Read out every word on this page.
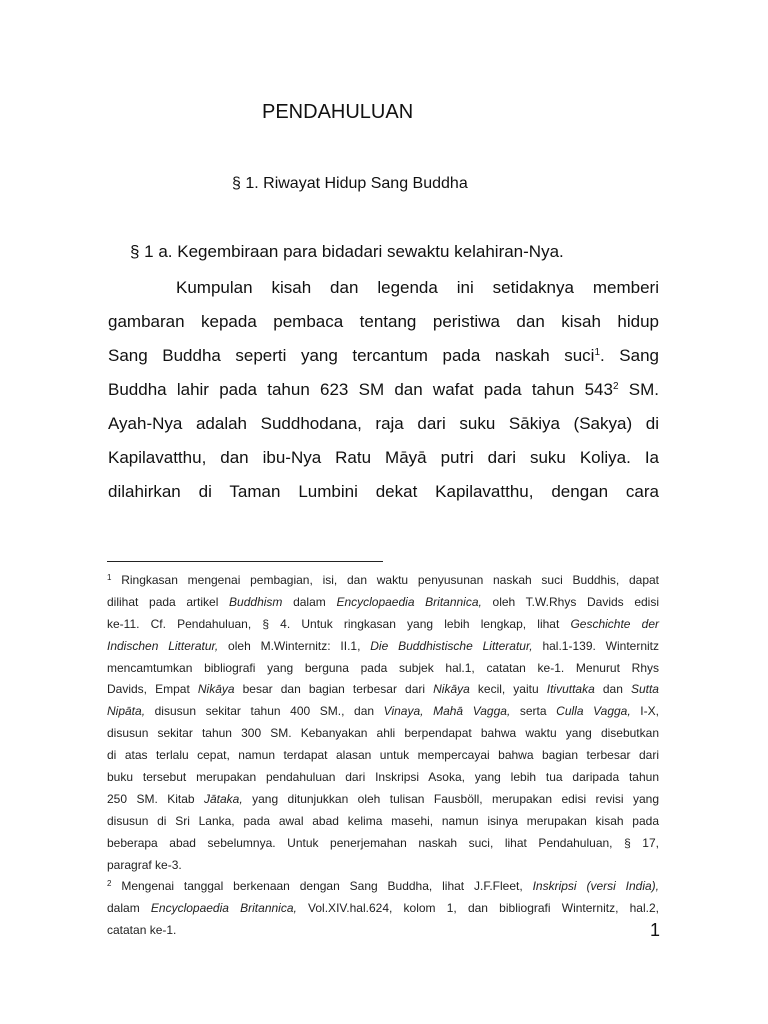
PENDAHULUAN
§ 1. Riwayat Hidup Sang Buddha
§ 1 a. Kegembiraan para bidadari sewaktu kelahiran-Nya.
Kumpulan kisah dan legenda ini setidaknya memberi
gambaran kepada pembaca tentang peristiwa dan kisah hidup
Sang Buddha seperti yang tercantum pada naskah suci$^1$. Sang
Buddha lahir pada tahun 623 SM dan wafat pada tahun $543^2$ SM.
Ayah-Nya adalah Suddhodana, raja dari suku Sākiya (Sakya) di
Kapilavatthu, dan ibu-Nya Ratu Māyā putri dari suku Koliya. Ia
dilahirkan di Taman Lumbini dekat Kapilavatthu, dengan cara
$^1$ Ringkasan mengenai pembagian, isi, dan waktu penyusunan naskah suci Buddhis, dapat
dilihat pada artikel Buddhism dalam Encyclopaedia Britannica, oleh T.W.Rhys Davids edisi
ke-11. Cf. Pendahuluan, § 4. Untuk ringkasan yang lebih lengkap, lihat Geschichte der
Indischen Litteratur, oleh M.Winternitz: II.1, Die Buddhistische Litteratur, hal.1-139. Winternitz
mencamtumkan bibliografi yang berguna pada subjek hal.1, catatan ke-1. Menurut Rhys
Davids, Empat Nikāya besar dan bagian terbesar dari Nikāya kecil, yaitu Itivuttaka dan Sutta
Nipāta, disusun sekitar tahun 400 SM., dan Vinaya, Mahā Vagga, serta Culla Vagga, I-X,
disusun sekitar tahun 300 SM. Kebanyakan ahli berpendapat bahwa waktu yang disebutkan
di atas terlalu cepat, namun terdapat alasan untuk mempercayai bahwa bagian terbesar dari
buku tersebut merupakan pendahuluan dari Inskripsi Asoka, yang lebih tua daripada tahun
250 SM. Kitab Jātaka, yang ditunjukkan oleh tulisan Fausböll, merupakan edisi revisi yang
disusun di Sri Lanka, pada awal abad kelima masehi, namun isinya merupakan kisah pada
beberapa abad sebelumnya. Untuk penerjemahan naskah suci, lihat Pendahuluan, § 17,
paragraf ke-3.
$^2$ Mengenai tanggal berkenaan dengan Sang Buddha, lihat J.F.Fleet, Inskripsi (versi India),
dalam Encyclopaedia Britannica, Vol.XIV.hal.624, kolom 1, dan bibliografi Winternitz, hal.2,
catatan ke-1.	1
